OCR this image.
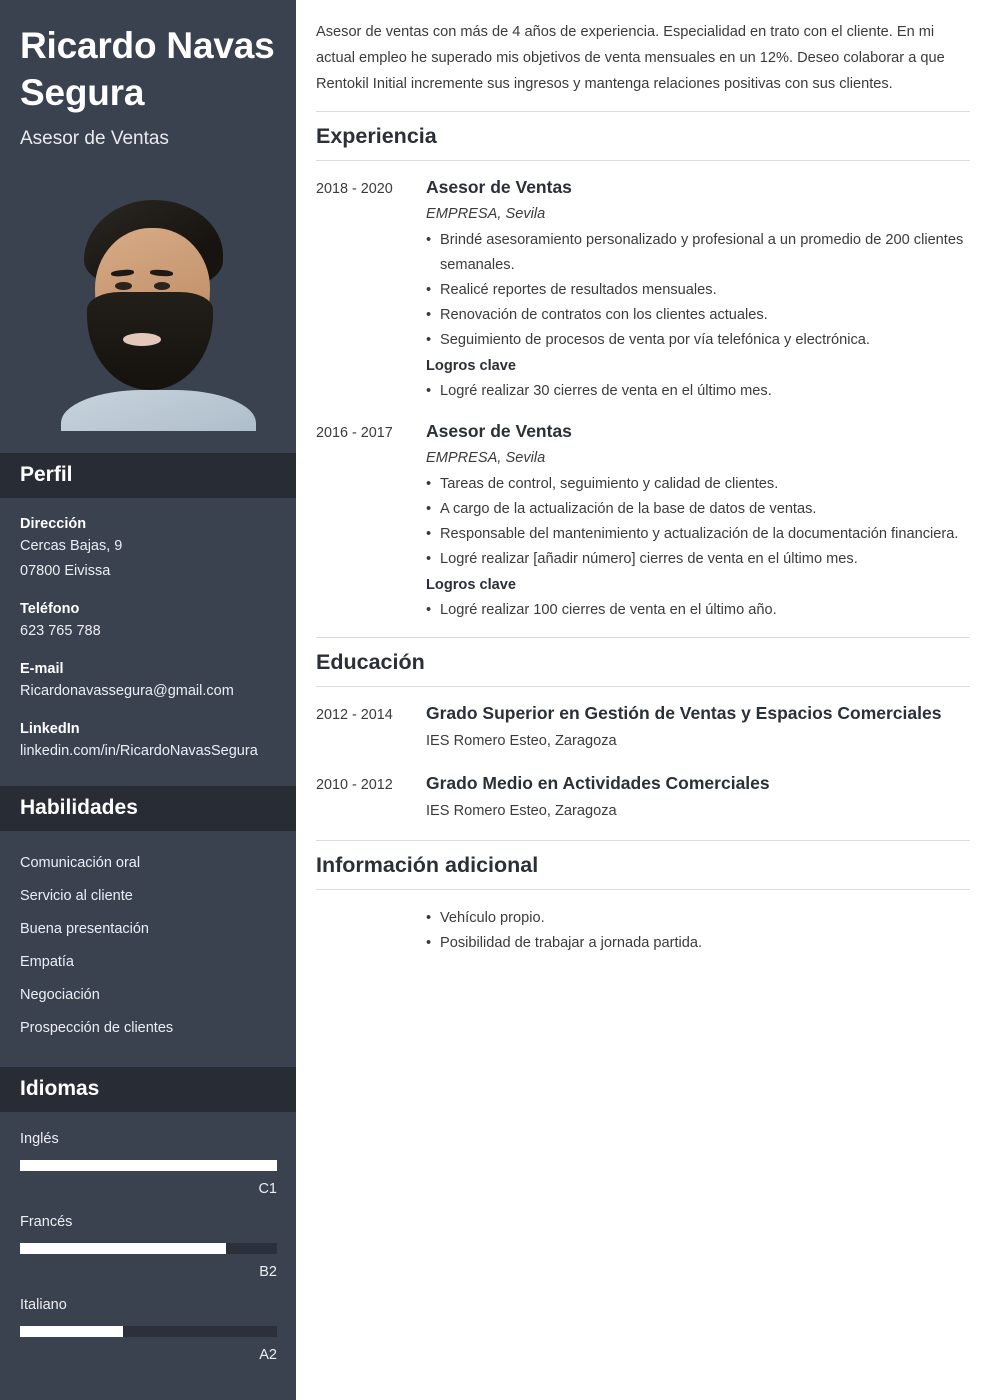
Ricardo Navas Segura
Asesor de Ventas
Perfil
Dirección
Cercas Bajas, 9
07800 Eivissa
Teléfono
623 765 788
E-mail
Ricardonavassegura@gmail.com
LinkedIn
linkedin.com/in/RicardoNavasSegura
Habilidades
Comunicación oral
Servicio al cliente
Buena presentación
Empatía
Negociación
Prospección de clientes
Idiomas
Inglés
C1
Francés
B2
Italiano
A2

Asesor de ventas con más de 4 años de experiencia. Especialidad en trato con el cliente. En mi actual empleo he superado mis objetivos de venta mensuales en un 12%. Deseo colaborar a que Rentokil Initial incremente sus ingresos y mantenga relaciones positivas con sus clientes.

Experiencia
2018 - 2020	Asesor de Ventas
EMPRESA, Sevila
• Brindé asesoramiento personalizado y profesional a un promedio de 200 clientes semanales.
• Realicé reportes de resultados mensuales.
• Renovación de contratos con los clientes actuales.
• Seguimiento de procesos de venta por vía telefónica y electrónica.
Logros clave
• Logré realizar 30 cierres de venta en el último mes.
2016 - 2017	Asesor de Ventas
EMPRESA, Sevila
• Tareas de control, seguimiento y calidad de clientes.
• A cargo de la actualización de la base de datos de ventas.
• Responsable del mantenimiento y actualización de la documentación financiera.
• Logré realizar [añadir número] cierres de venta en el último mes.
Logros clave
• Logré realizar 100 cierres de venta en el último año.
Educación
2012 - 2014	Grado Superior en Gestión de Ventas y Espacios Comerciales
IES Romero Esteo, Zaragoza
2010 - 2012	Grado Medio en Actividades Comerciales
IES Romero Esteo, Zaragoza
Información adicional
• Vehículo propio.
• Posibilidad de trabajar a jornada partida.
